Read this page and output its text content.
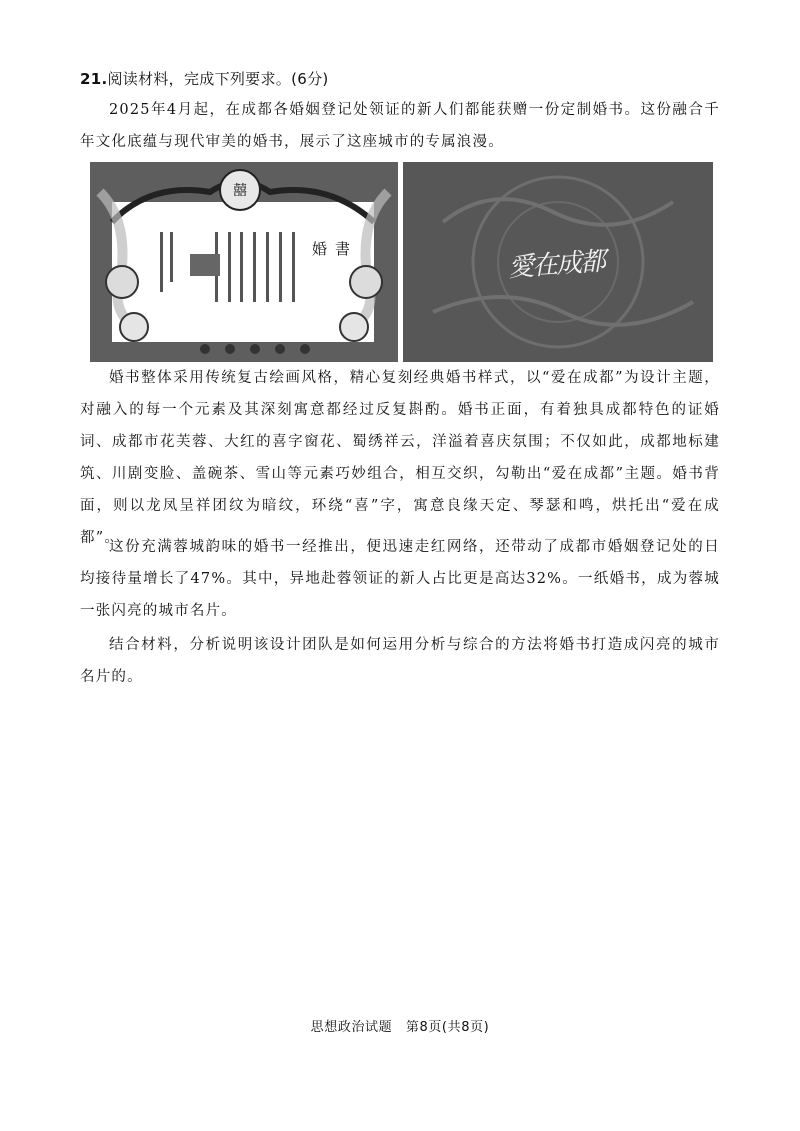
21.阅读材料，完成下列要求。(6分)
2025年4月起，在成都各婚姻登记处领证的新人们都能获赠一份定制婚书。这份融合千年文化底蕴与现代审美的婚书，展示了这座城市的专属浪漫。
囍
婚書	愛在成都
婚书整体采用传统复古绘画风格，精心复刻经典婚书样式，以“爱在成都”为设计主题，对融入的每一个元素及其深刻寓意都经过反复斟酌。婚书正面，有着独具成都特色的证婚词、成都市花芙蓉、大红的喜字窗花、蜀绣祥云，洋溢着喜庆氛围；不仅如此，成都地标建筑、川剧变脸、盖碗茶、雪山等元素巧妙组合，相互交织，勾勒出“爱在成都”主题。婚书背面，则以龙凤呈祥团纹为暗纹，环绕“喜”字，寓意良缘天定、琴瑟和鸣，烘托出“爱在成都”。
这份充满蓉城韵味的婚书一经推出，便迅速走红网络，还带动了成都市婚姻登记处的日均接待量增长了47%。其中，异地赴蓉领证的新人占比更是高达32%。一纸婚书，成为蓉城一张闪亮的城市名片。
结合材料，分析说明该设计团队是如何运用分析与综合的方法将婚书打造成闪亮的城市名片的。
思想政治试题　第8页(共8页)
